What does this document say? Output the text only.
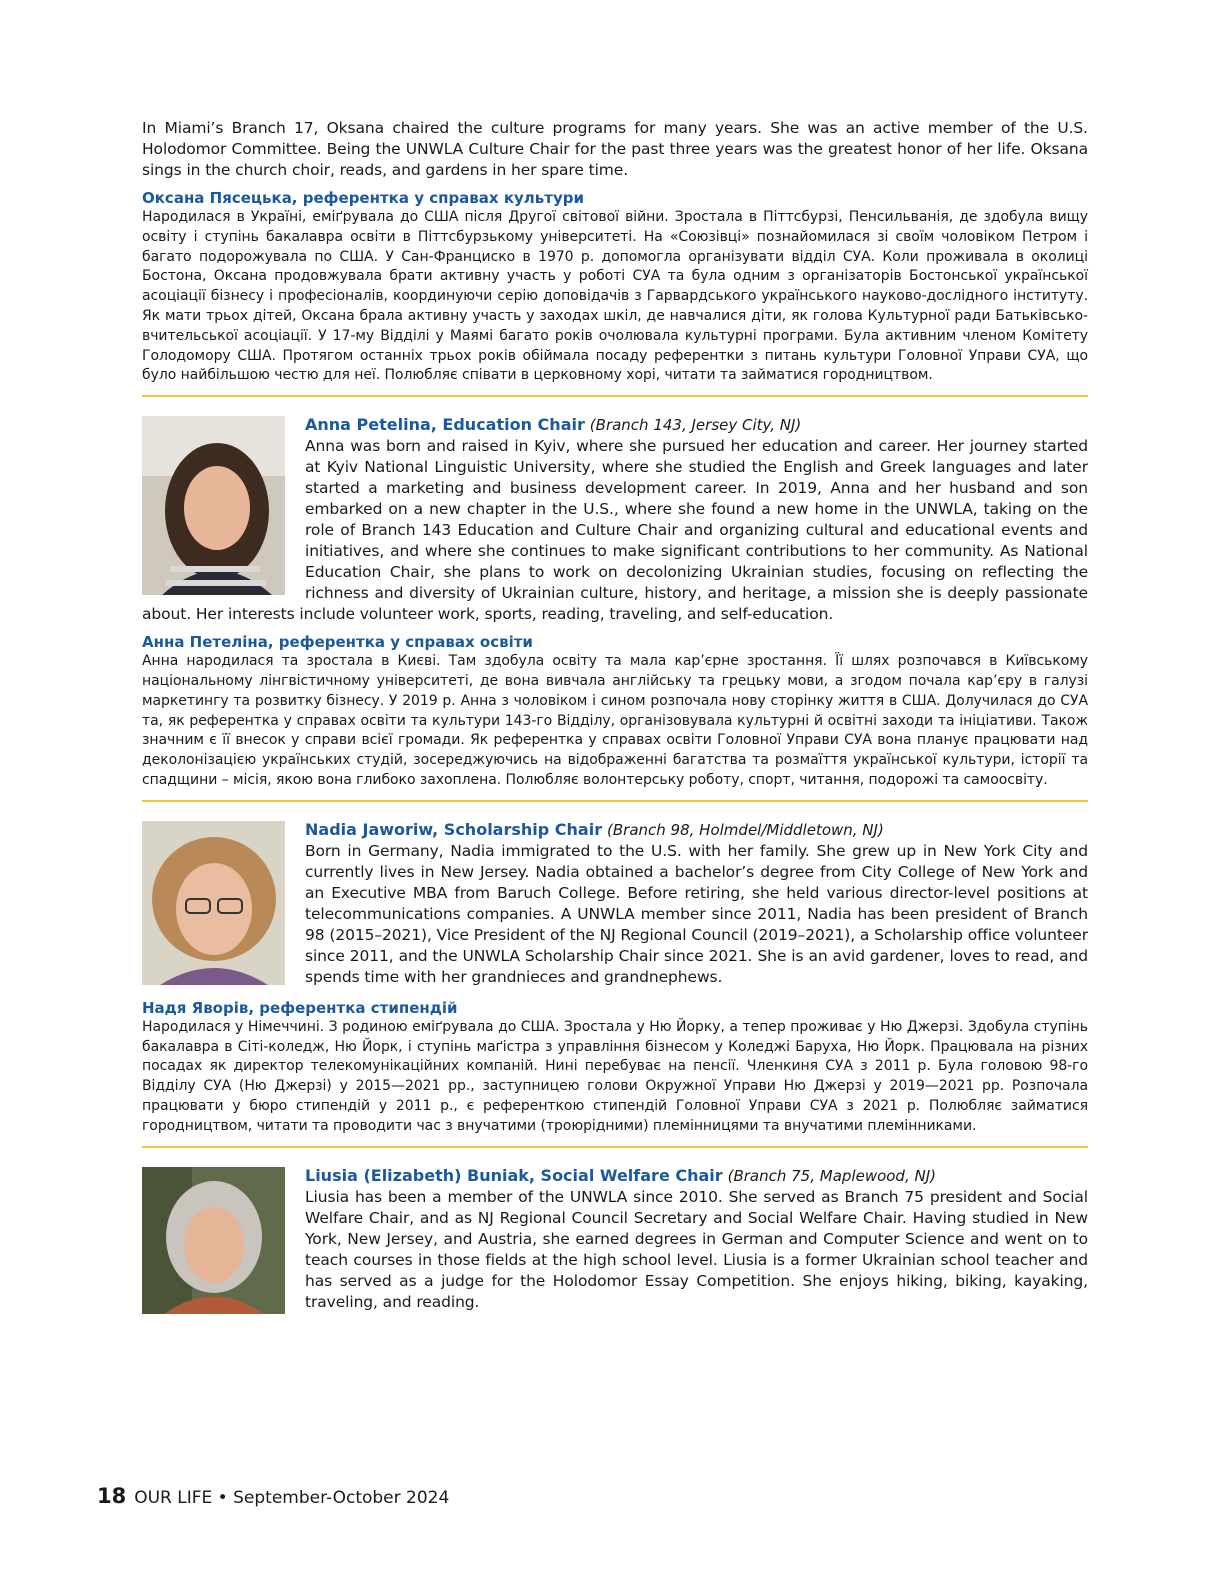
In Miami’s Branch 17, Oksana chaired the culture programs for many years. She was an active member of the U.S. Holodomor Committee. Being the UNWLA Culture Chair for the past three years was the greatest honor of her life. Oksana sings in the church choir, reads, and gardens in her spare time.

Оксана Пясецька, референтка у справах культури

Народилася в Україні, еміґрувала до США після Другої світової війни. Зростала в Піттсбурзі, Пенсильванія, де здобула вищу освіту і ступінь бакалавра освіти в Піттсбурзькому університеті. На «Союзівці» познайомилася зі своїм чоловіком Петром і багато подорожувала по США. У Сан-Франциско в 1970 р. допомогла організувати відділ СУА. Коли проживала в околиці Бостона, Оксана продовжувала брати активну участь у роботі СУА та була одним з організаторів Бостонської української асоціації бізнесу і професіоналів, координуючи серію доповідачів з Гарвардського українського науково-дослідного інституту. Як мати трьох дітей, Оксана брала активну участь у заходах шкіл, де навчалися діти, як голова Культурної ради Батьківсько-вчительської асоціації. У 17-му Відділі у Маямі багато років очолювала культурні програми. Була активним членом Комітету Голодомору США. Протягом останніх трьох років обіймала посаду референтки з питань культури Головної Управи СУА, що було найбільшою честю для неї. Полюбляє співати в церковному хорі, читати та займатися городництвом.

Anna Petelina, Education Chair (Branch 143, Jersey City, NJ)

Anna was born and raised in Kyiv, where she pursued her education and career. Her journey started at Kyiv National Linguistic University, where she studied the English and Greek languages and later started a marketing and business development career. In 2019, Anna and her husband and son embarked on a new chapter in the U.S., where she found a new home in the UNWLA, taking on the role of Branch 143 Education and Culture Chair and organizing cultural and educational events and initiatives, and where she continues to make significant contributions to her community. As National Education Chair, she plans to work on decolonizing Ukrainian studies, focusing on reflecting the richness and diversity of Ukrainian culture, history, and heritage, a mission she is deeply passionate about. Her interests include volunteer work, sports, reading, traveling, and self-education.

Анна Петеліна, референтка у справах освіти

Анна народилася та зростала в Києві. Там здобула освіту та мала кар’єрне зростання. Її шлях розпочався в Київському національному лінгвістичному університеті, де вона вивчала англійську та грецьку мови, а згодом почала кар’єру в галузі маркетингу та розвитку бізнесу. У 2019 р. Анна з чоловіком і сином розпочала нову сторінку життя в США. Долучилася до СУА та, як референтка у справах освіти та культури 143-го Відділу, організовувала культурні й освітні заходи та ініціативи. Також значним є її внесок у справи всієї громади. Як референтка у справах освіти Головної Управи СУА вона планує працювати над деколонізацією українських студій, зосереджуючись на відображенні багатства та розмаїття української культури, історії та спадщини – місія, якою вона глибоко захоплена. Полюбляє волонтерську роботу, спорт, читання, подорожі та самоосвіту.

Nadia Jaworiw, Scholarship Chair (Branch 98, Holmdel/Middletown, NJ)

Born in Germany, Nadia immigrated to the U.S. with her family. She grew up in New York City and currently lives in New Jersey. Nadia obtained a bachelor’s degree from City College of New York and an Executive MBA from Baruch College. Before retiring, she held various director-level positions at telecommunications companies. A UNWLA member since 2011, Nadia has been president of Branch 98 (2015–2021), Vice President of the NJ Regional Council (2019–2021), a Scholarship office volunteer since 2011, and the UNWLA Scholarship Chair since 2021. She is an avid gardener, loves to read, and spends time with her grandnieces and grandnephews.

Надя Яворів, референтка стипендій

Народилася у Німеччині. З родиною еміґрувала до США. Зростала у Ню Йорку, а тепер проживає у Ню Джерзі. Здобула ступінь бакалавра в Сіті-коледж, Ню Йорк, і ступінь маґістра з управління бізнесом у Коледжі Баруха, Ню Йорк. Працювала на різних посадах як директор телекомунікаційних компаній. Нині перебуває на пенсії. Членкиня СУА з 2011 р. Була головою 98-го Відділу СУА (Ню Джерзі) у 2015—2021 рр., заступницею голови Окружної Управи Ню Джерзі у 2019—2021 рр. Розпочала працювати у бюро стипендій у 2011 р., є референткою стипендій Головної Управи СУА з 2021 р. Полюбляє займатися городництвом, читати та проводити час з внучатими (троюрідними) племінницями та внучатими племінниками.

Liusia (Elizabeth) Buniak, Social Welfare Chair (Branch 75, Maplewood, NJ)

Liusia has been a member of the UNWLA since 2010. She served as Branch 75 president and Social Welfare Chair, and as NJ Regional Council Secretary and Social Welfare Chair. Having studied in New York, New Jersey, and Austria, she earned degrees in German and Computer Science and went on to teach courses in those fields at the high school level. Liusia is a former Ukrainian school teacher and has served as a judge for the Holodomor Essay Competition. She enjoys hiking, biking, kayaking, traveling, and reading.

18 OUR LIFE • September-October 2024
